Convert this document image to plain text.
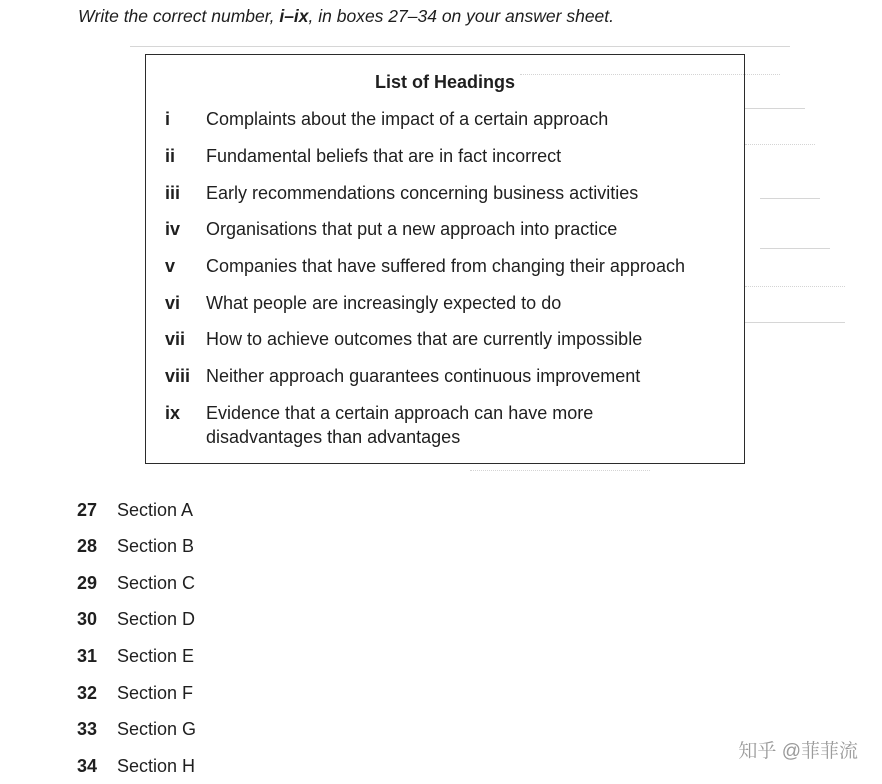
Write the correct number, i–ix, in boxes 27–34 on your answer sheet.
List of Headings
i Complaints about the impact of a certain approach
ii Fundamental beliefs that are in fact incorrect
iii Early recommendations concerning business activities
iv Organisations that put a new approach into practice
v Companies that have suffered from changing their approach
vi What people are increasingly expected to do
vii How to achieve outcomes that are currently impossible
viii Neither approach guarantees continuous improvement
ix Evidence that a certain approach can have more disadvantages than advantages
27 Section A
28 Section B
29 Section C
30 Section D
31 Section E
32 Section F
33 Section G
34 Section H
知乎 @菲菲流
